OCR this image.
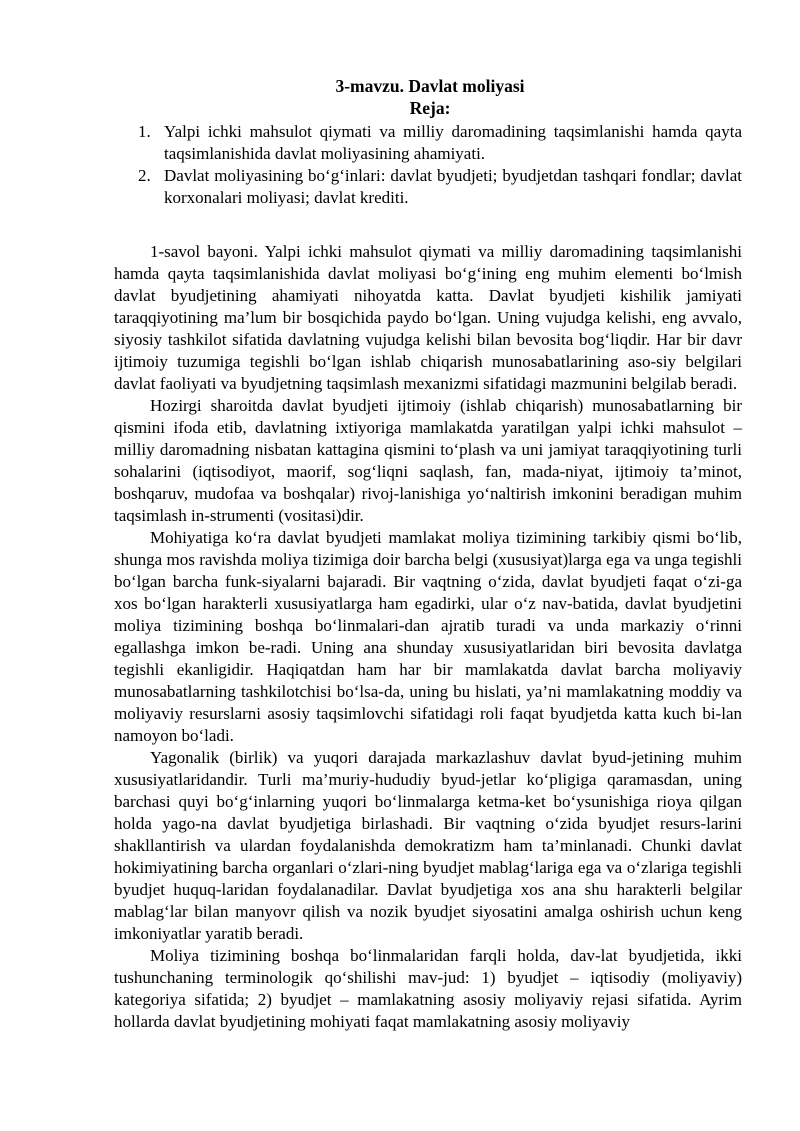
3-mavzu. Davlat moliyasi
Reja:
1. Yalpi ichki mahsulot qiymati va milliy daromadining taqsimlanishi hamda qayta taqsimlanishida davlat moliyasining ahamiyati.
2. Davlat moliyasining bo‘g‘inlari: davlat byudjeti; byudjetdan tashqari fondlar; davlat korxonalari moliyasi; davlat krediti.

1-savol bayoni. Yalpi ichki mahsulot qiymati va milliy daromadining taqsimlanishi hamda qayta taqsimlanishida davlat moliyasi bo‘g‘ining eng muhim elementi bo‘lmish davlat byudjetining ahamiyati nihoyatda katta. Davlat byudjeti kishilik jamiyati taraqqiyotining ma’lum bir bosqichida paydo bo‘lgan. Uning vujudga kelishi, eng avvalo, siyosiy tashkilot sifatida davlatning vujudga kelishi bilan bevosita bog‘liqdir. Har bir davr ijtimoiy tuzumiga tegishli bo‘lgan ishlab chiqarish munosabatlarining aso-siy belgilari davlat faoliyati va byudjetning taqsimlash mexanizmi sifatidagi mazmunini belgilab beradi.

Hozirgi sharoitda davlat byudjeti ijtimoiy (ishlab chiqarish) munosabatlarning bir qismini ifoda etib, davlatning ixtiyoriga mamlakatda yaratilgan yalpi ichki mahsulot – milliy daromadning nisbatan kattagina qismini to‘plash va uni jamiyat taraqqiyotining turli sohalarini (iqtisodiyot, maorif, sog‘liqni saqlash, fan, mada-niyat, ijtimoiy ta’minot, boshqaruv, mudofaa va boshqalar) rivoj-lanishiga yo‘naltirish imkonini beradigan muhim taqsimlash in-strumenti (vositasi)dir.

Mohiyatiga ko‘ra davlat byudjeti mamlakat moliya tizimining tarkibiy qismi bo‘lib, shunga mos ravishda moliya tizimiga doir barcha belgi (xususiyat)larga ega va unga tegishli bo‘lgan barcha funk-siyalarni bajaradi. Bir vaqtning o‘zida, davlat byudjeti faqat o‘zi-ga xos bo‘lgan harakterli xususiyatlarga ham egadirki, ular o‘z nav-batida, davlat byudjetini moliya tizimining boshqa bo‘linmalari-dan ajratib turadi va unda markaziy o‘rinni egallashga imkon be-radi. Uning ana shunday xususiyatlaridan biri bevosita davlatga tegishli ekanligidir. Haqiqatdan ham har bir mamlakatda davlat barcha moliyaviy munosabatlarning tashkilotchisi bo‘lsa-da, uning bu hislati, ya’ni mamlakatning moddiy va moliyaviy resurslarni asosiy taqsimlovchi sifatidagi roli faqat byudjetda katta kuch bi-lan namoyon bo‘ladi.

Yagonalik (birlik) va yuqori darajada markazlashuv davlat byud-jetining muhim xususiyatlaridandir. Turli ma’muriy-hududiy byud-jetlar ko‘pligiga qaramasdan, uning barchasi quyi bo‘g‘inlarning yuqori bo‘linmalarga ketma-ket bo‘ysunishiga rioya qilgan holda yago-na davlat byudjetiga birlashadi. Bir vaqtning o‘zida byudjet resurs-larini shakllantirish va ulardan foydalanishda demokratizm ham ta’minlanadi. Chunki davlat hokimiyatining barcha organlari o‘zlari-ning byudjet mablag‘lariga ega va o‘zlariga tegishli byudjet huquq-laridan foydalanadilar. Davlat byudjetiga xos ana shu harakterli belgilar mablag‘lar bilan manyovr qilish va nozik byudjet siyosatini amalga oshirish uchun keng imkoniyatlar yaratib beradi.

Moliya tizimining boshqa bo‘linmalaridan farqli holda, dav-lat byudjetida, ikki tushunchaning terminologik qo‘shilishi mav-jud: 1) byudjet – iqtisodiy (moliyaviy) kategoriya sifatida; 2) byudjet – mamlakatning asosiy moliyaviy rejasi sifatida. Ayrim hollarda davlat byudjetining mohiyati faqat mamlakatning asosiy moliyaviy
